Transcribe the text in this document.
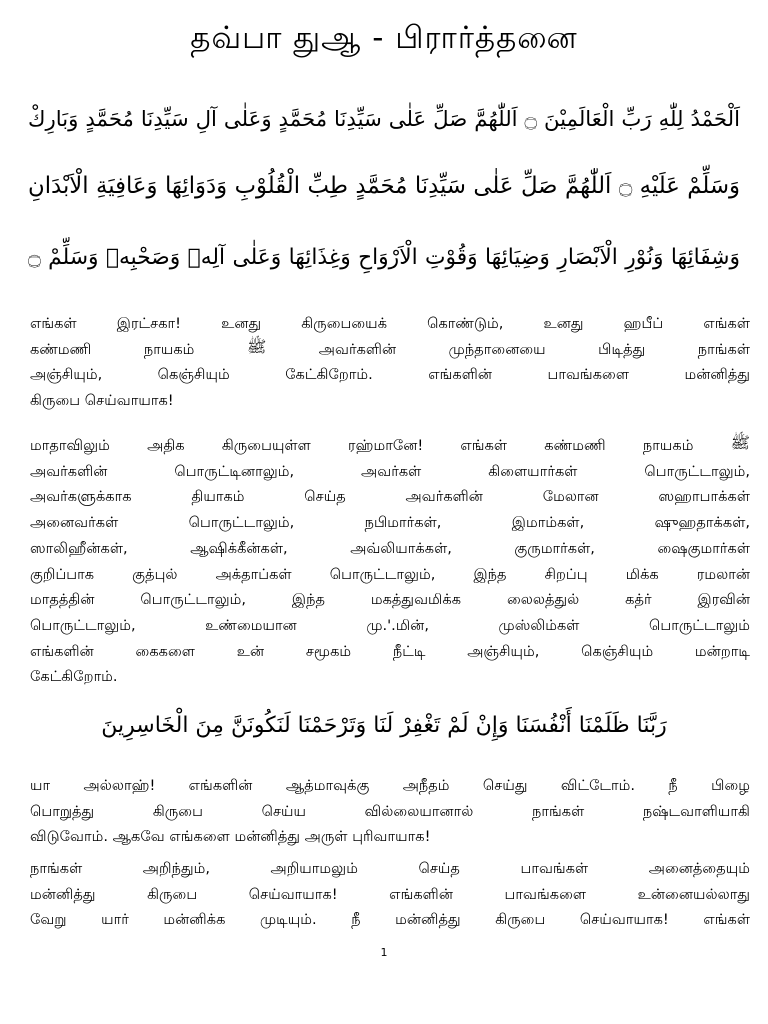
தவ்பா துஆ - பிரார்த்தனை
اَلْحَمْدُ لِلّٰهِ رَبِّ الْعَالَمِيْنَ ۝ اَللّٰهُمَّ صَلِّ عَلٰى سَيِّدِنَا مُحَمَّدٍ وَعَلٰى آلِ سَيِّدِنَا مُحَمَّدٍ وَبَارِكْ
وَسَلِّمْ عَلَيْهِ ۝ اَللّٰهُمَّ صَلِّ عَلٰى سَيِّدِنَا مُحَمَّدٍ طِبِّ الْقُلُوْبِ وَدَوَائِهَا وَعَافِيَةِ الْاَبْدَانِ
وَشِفَائِهَا وَنُوْرِ الْاَبْصَارِ وَضِيَائِهَا وَقُوْتِ الْاَرْوَاحِ وَغِذَائِهَا وَعَلٰى آلِهٖ وَصَحْبِهٖ وَسَلِّمْ ۝
எங்கள் இரட்சகா! உனது கிருபையைக் கொண்டும், உனது ஹபீப் எங்கள்
கண்மணி நாயகம்	ﷺ	அவர்களின் முந்தானையை பிடித்து நாங்கள்
அஞ்சியும், கெஞ்சியும் கேட்கிறோம். எங்களின் பாவங்களை மன்னித்து
கிருபை செய்வாயாக!
மாதாவிலும் அதிக கிருபையுள்ள ரஹ்மானே! எங்கள் கண்மணி நாயகம் ﷺ
அவர்களின் பொருட்டினாலும், அவர்கள் கிளையார்கள் பொருட்டாலும்,
அவர்களுக்காக தியாகம் செய்த அவர்களின் மேலான ஸஹாபாக்கள்
அனைவர்கள் பொருட்டாலும், நபிமார்கள், இமாம்கள், ஷுஹதாக்கள்,
ஸாலிஹீன்கள், ஆஷிக்கீன்கள், அவ்லியாக்கள், குருமார்கள், ஷைகுமார்கள்
குறிப்பாக குத்புல் அக்தாப்கள் பொருட்டாலும், இந்த சிறப்பு மிக்க ரமலான்
மாதத்தின் பொருட்டாலும், இந்த மகத்துவமிக்க லைலத்துல் கத்ர் இரவின்
பொருட்டாலும், உண்மையான மு.'.மின், முஸ்லிம்கள் பொருட்டாலும்
எங்களின் கைகளை உன் சமூகம் நீட்டி அஞ்சியும், கெஞ்சியும் மன்றாடி
கேட்கிறோம்.
رَبَّنَا ظَلَمْنَا أَنْفُسَنَا وَإِنْ لَمْ تَغْفِرْ لَنَا وَتَرْحَمْنَا لَنَكُونَنَّ مِنَ الْخَاسِرِينَ
யா அல்லாஹ்! எங்களின் ஆத்மாவுக்கு அநீதம் செய்து விட்டோம். நீ பிழை
பொறுத்து கிருபை செய்ய வில்லையானால் நாங்கள் நஷ்டவாளியாகி
விடுவோம். ஆகவே எங்களை மன்னித்து அருள் புரிவாயாக!
நாங்கள் அறிந்தும், அறியாமலும் செய்த பாவங்கள் அனைத்தையும்
மன்னித்து கிருபை செய்வாயாக! எங்களின் பாவங்களை உன்னையல்லாது
வேறு யார் மன்னிக்க முடியும். நீ மன்னித்து கிருபை செய்வாயாக! எங்கள்
1
